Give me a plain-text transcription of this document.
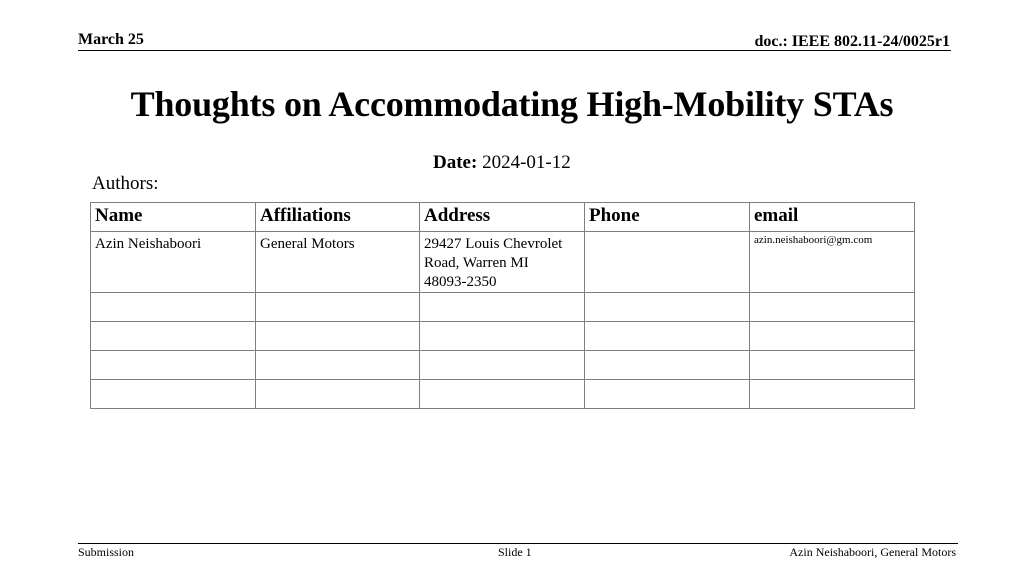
March 25	doc.: IEEE 802.11-24/0025r1
Thoughts on Accommodating High-Mobility STAs
Date: 2024-01-12
Authors:
Name	Affiliations	Address	Phone	email
Azin Neishaboori	General Motors	29427 Louis Chevrolet
Road, Warren MI
48093-2350		azin.neishaboori@gm.com

Submission	Slide 1	Azin Neishaboori, General Motors
